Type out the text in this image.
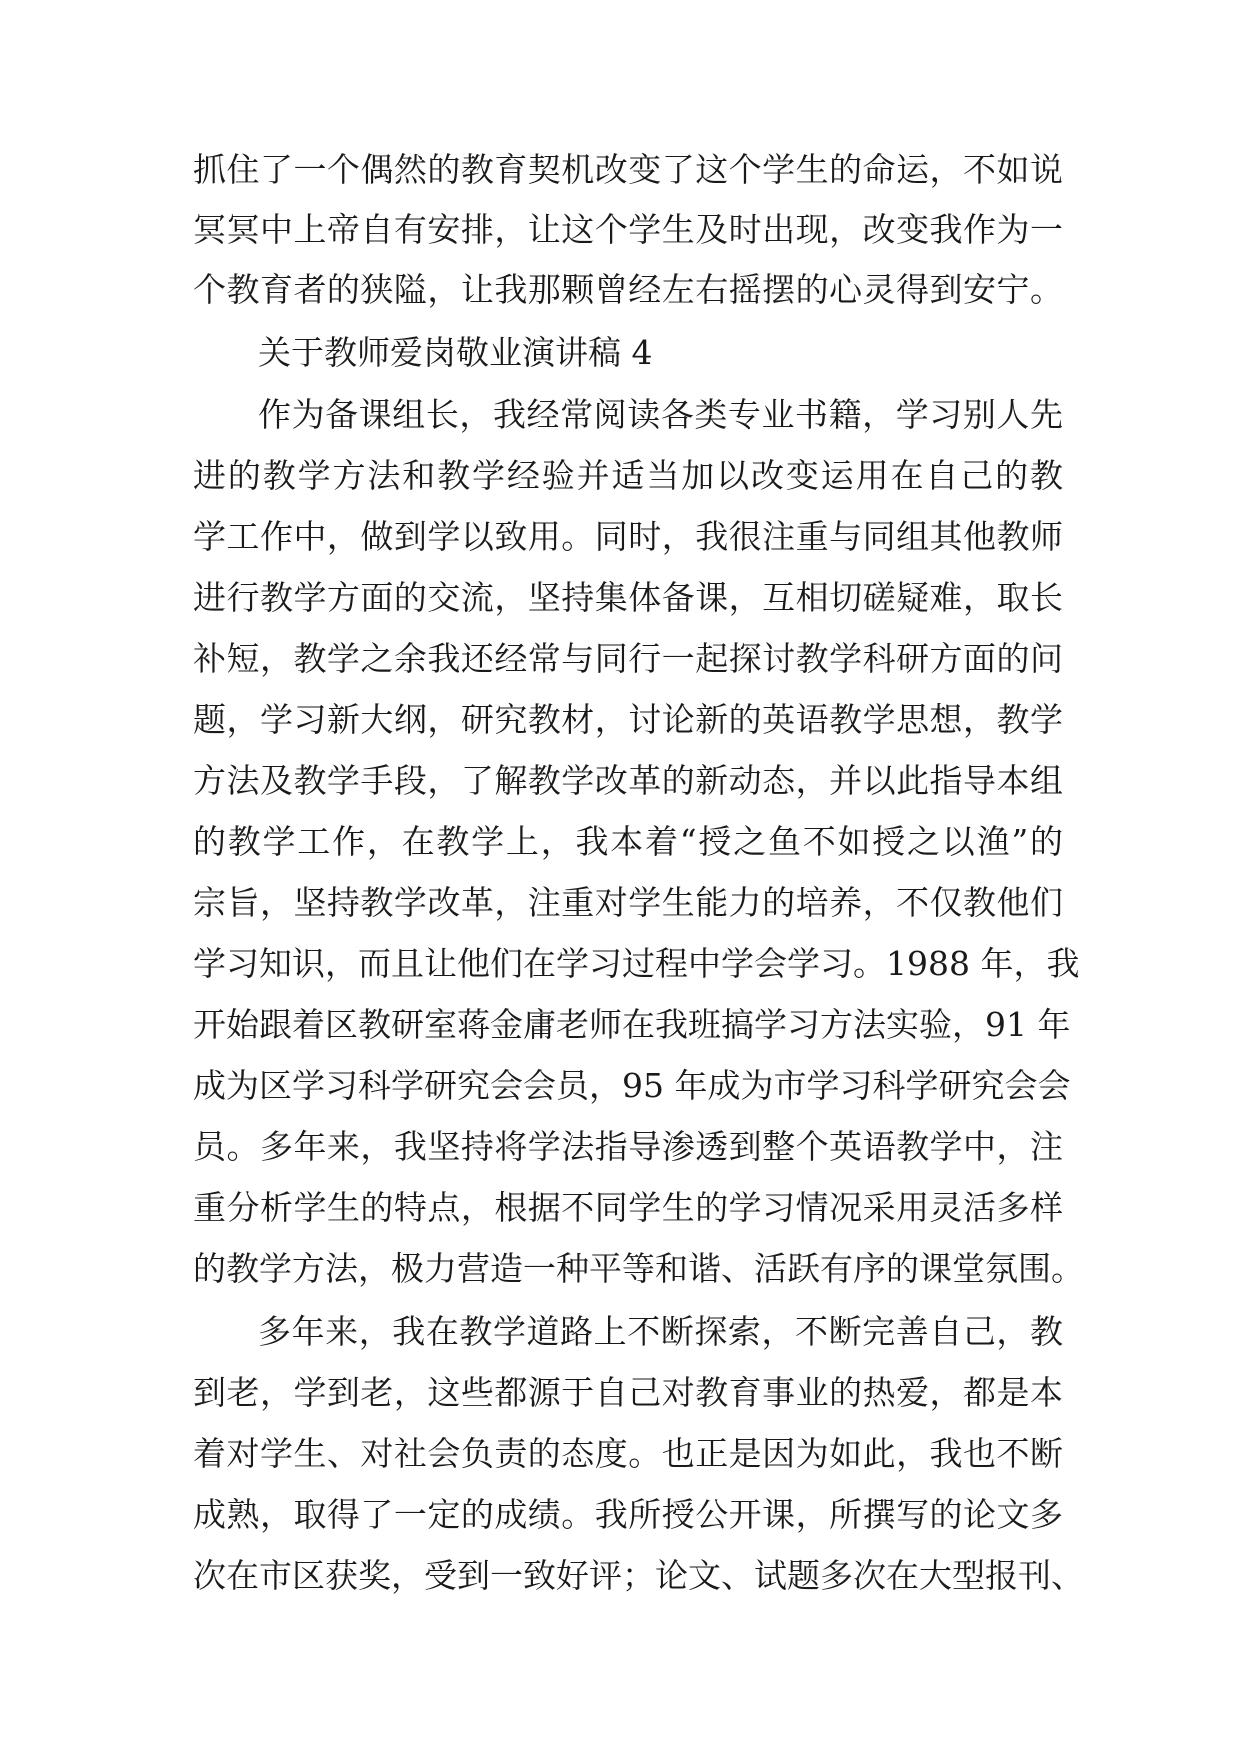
抓住了一个偶然的教育契机改变了这个学生的命运，不如说
冥冥中上帝自有安排，让这个学生及时出现，改变我作为一
个教育者的狭隘，让我那颗曾经左右摇摆的心灵得到安宁。
关于教师爱岗敬业演讲稿 4
作为备课组长，我经常阅读各类专业书籍，学习别人先
进的教学方法和教学经验并适当加以改变运用在自己的教
学工作中，做到学以致用。同时，我很注重与同组其他教师
进行教学方面的交流，坚持集体备课，互相切磋疑难，取长
补短，教学之余我还经常与同行一起探讨教学科研方面的问
题，学习新大纲，研究教材，讨论新的英语教学思想，教学
方法及教学手段，了解教学改革的新动态，并以此指导本组
的教学工作，在教学上，我本着“授之鱼不如授之以渔”的
宗旨，坚持教学改革，注重对学生能力的培养，不仅教他们
学习知识，而且让他们在学习过程中学会学习。1988 年，我
开始跟着区教研室蒋金庸老师在我班搞学习方法实验，91 年
成为区学习科学研究会会员，95 年成为市学习科学研究会会
员。多年来，我坚持将学法指导渗透到整个英语教学中，注
重分析学生的特点，根据不同学生的学习情况采用灵活多样
的教学方法，极力营造一种平等和谐、活跃有序的课堂氛围。
多年来，我在教学道路上不断探索，不断完善自己，教
到老，学到老，这些都源于自己对教育事业的热爱，都是本
着对学生、对社会负责的态度。也正是因为如此，我也不断
成熟，取得了一定的成绩。我所授公开课，所撰写的论文多
次在市区获奖，受到一致好评；论文、试题多次在大型报刊、
